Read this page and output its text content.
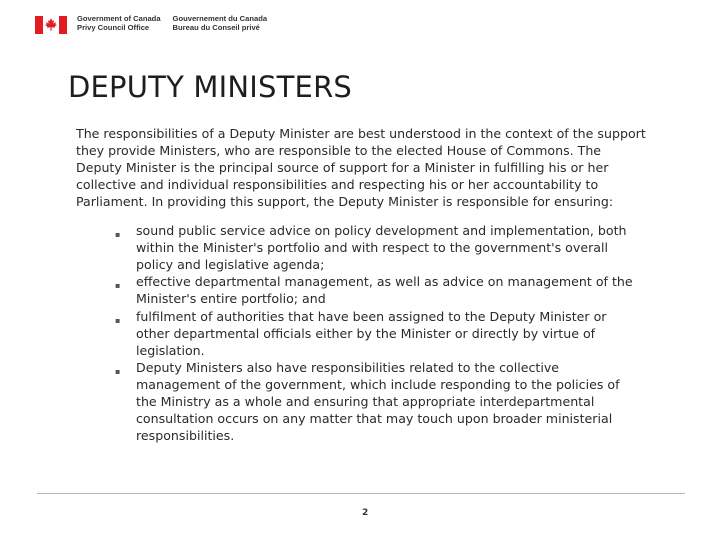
Government of Canada
Privy Council Office
Gouvernement du Canada
Bureau du Conseil privé
DEPUTY MINISTERS

The responsibilities of a Deputy Minister are best understood in the context of the support they provide Ministers, who are responsible to the elected House of Commons. The Deputy Minister is the principal source of support for a Minister in fulfilling his or her collective and individual responsibilities and respecting his or her accountability to Parliament. In providing this support, the Deputy Minister is responsible for ensuring:

▪ sound public service advice on policy development and implementation, both within the Minister's portfolio and with respect to the government's overall policy and legislative agenda;
▪ effective departmental management, as well as advice on management of the Minister's entire portfolio; and
▪ fulfilment of authorities that have been assigned to the Deputy Minister or other departmental officials either by the Minister or directly by virtue of legislation.
▪ Deputy Ministers also have responsibilities related to the collective management of the government, which include responding to the policies of the Ministry as a whole and ensuring that appropriate interdepartmental consultation occurs on any matter that may touch upon broader ministerial responsibilities.
2
